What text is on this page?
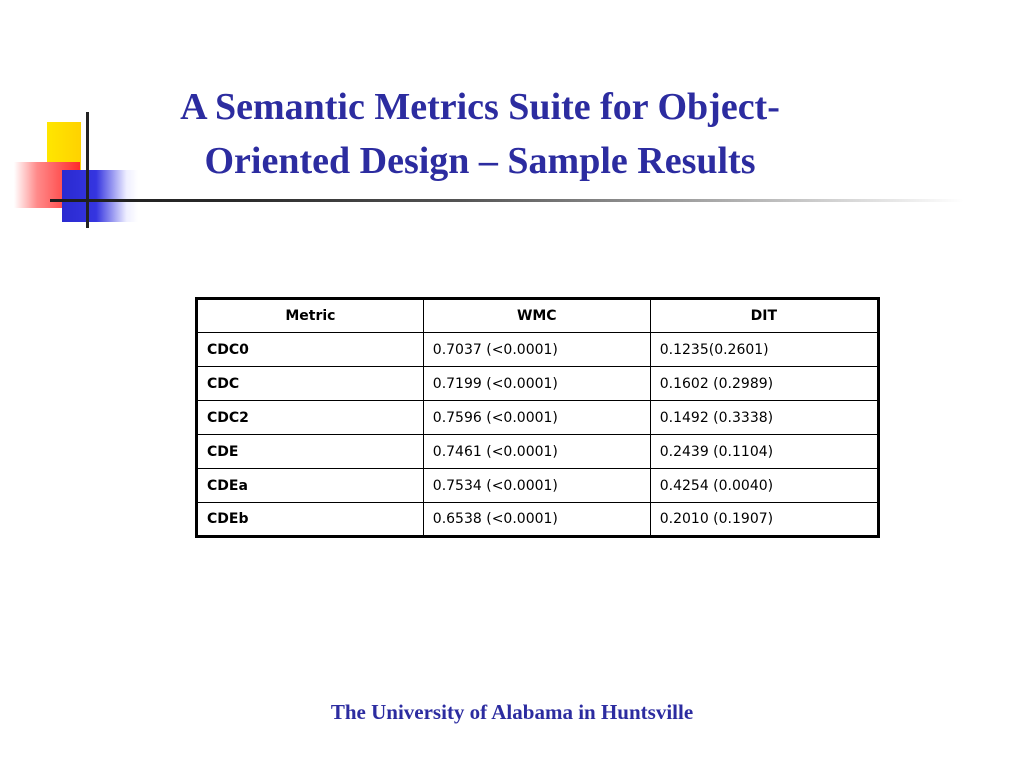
A Semantic Metrics Suite for Object-
Oriented Design – Sample Results
Metric	WMC	DIT
CDC0	0.7037 (<0.0001)	0.1235(0.2601)
CDC	0.7199 (<0.0001)	0.1602 (0.2989)
CDC2	0.7596 (<0.0001)	0.1492 (0.3338)
CDE	0.7461 (<0.0001)	0.2439 (0.1104)
CDEa	0.7534 (<0.0001)	0.4254 (0.0040)
CDEb	0.6538 (<0.0001)	0.2010 (0.1907)
The University of Alabama in Huntsville
